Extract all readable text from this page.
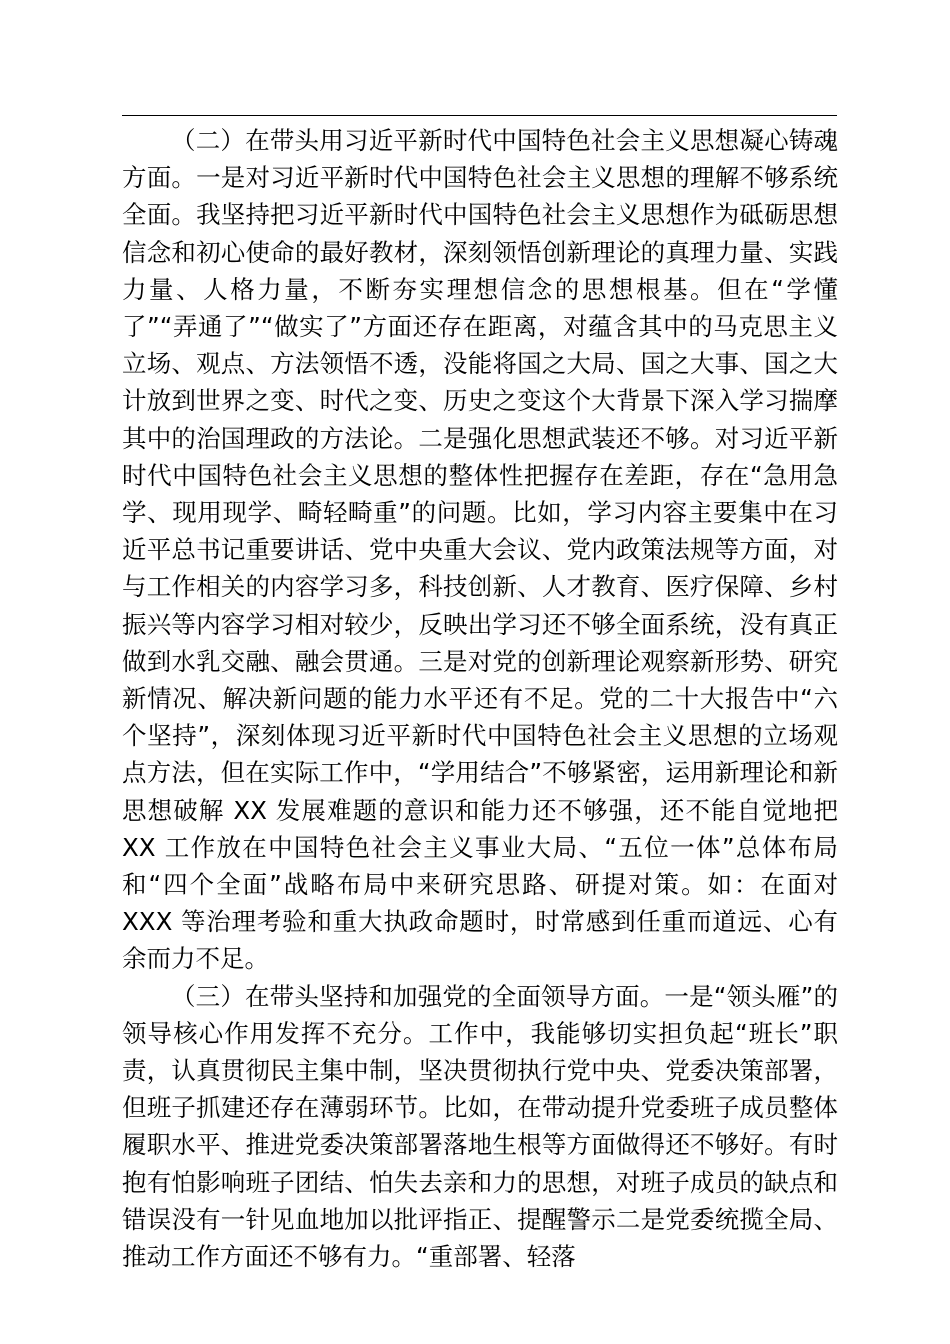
（二）在带头用习近平新时代中国特色社会主义思想凝心铸魂方面。一是对习近平新时代中国特色社会主义思想的理解不够系统全面。我坚持把习近平新时代中国特色社会主义思想作为砥砺思想信念和初心使命的最好教材，深刻领悟创新理论的真理力量、实践力量、人格力量，不断夯实理想信念的思想根基。但在“学懂了”“弄通了”“做实了”方面还存在距离，对蕴含其中的马克思主义立场、观点、方法领悟不透，没能将国之大局、国之大事、国之大计放到世界之变、时代之变、历史之变这个大背景下深入学习揣摩其中的治国理政的方法论。二是强化思想武装还不够。对习近平新时代中国特色社会主义思想的整体性把握存在差距，存在“急用急学、现用现学、畸轻畸重”的问题。比如，学习内容主要集中在习近平总书记重要讲话、党中央重大会议、党内政策法规等方面，对与工作相关的内容学习多，科技创新、人才教育、医疗保障、乡村振兴等内容学习相对较少，反映出学习还不够全面系统，没有真正做到水乳交融、融会贯通。三是对党的创新理论观察新形势、研究新情况、解决新问题的能力水平还有不足。党的二十大报告中“六个坚持”，深刻体现习近平新时代中国特色社会主义思想的立场观点方法，但在实际工作中，“学用结合”不够紧密，运用新理论和新思想破解 XX 发展难题的意识和能力还不够强，还不能自觉地把 XX 工作放在中国特色社会主义事业大局、“五位一体”总体布局和“四个全面”战略布局中来研究思路、研提对策。如：在面对 XXX 等治理考验和重大执政命题时，时常感到任重而道远、心有余而力不足。

（三）在带头坚持和加强党的全面领导方面。一是“领头雁”的领导核心作用发挥不充分。工作中，我能够切实担负起“班长”职责，认真贯彻民主集中制，坚决贯彻执行党中央、党委决策部署，但班子抓建还存在薄弱环节。比如，在带动提升党委班子成员整体履职水平、推进党委决策部署落地生根等方面做得还不够好。有时抱有怕影响班子团结、怕失去亲和力的思想，对班子成员的缺点和错误没有一针见血地加以批评指正、提醒警示二是党委统揽全局、推动工作方面还不够有力。“重部署、轻落
